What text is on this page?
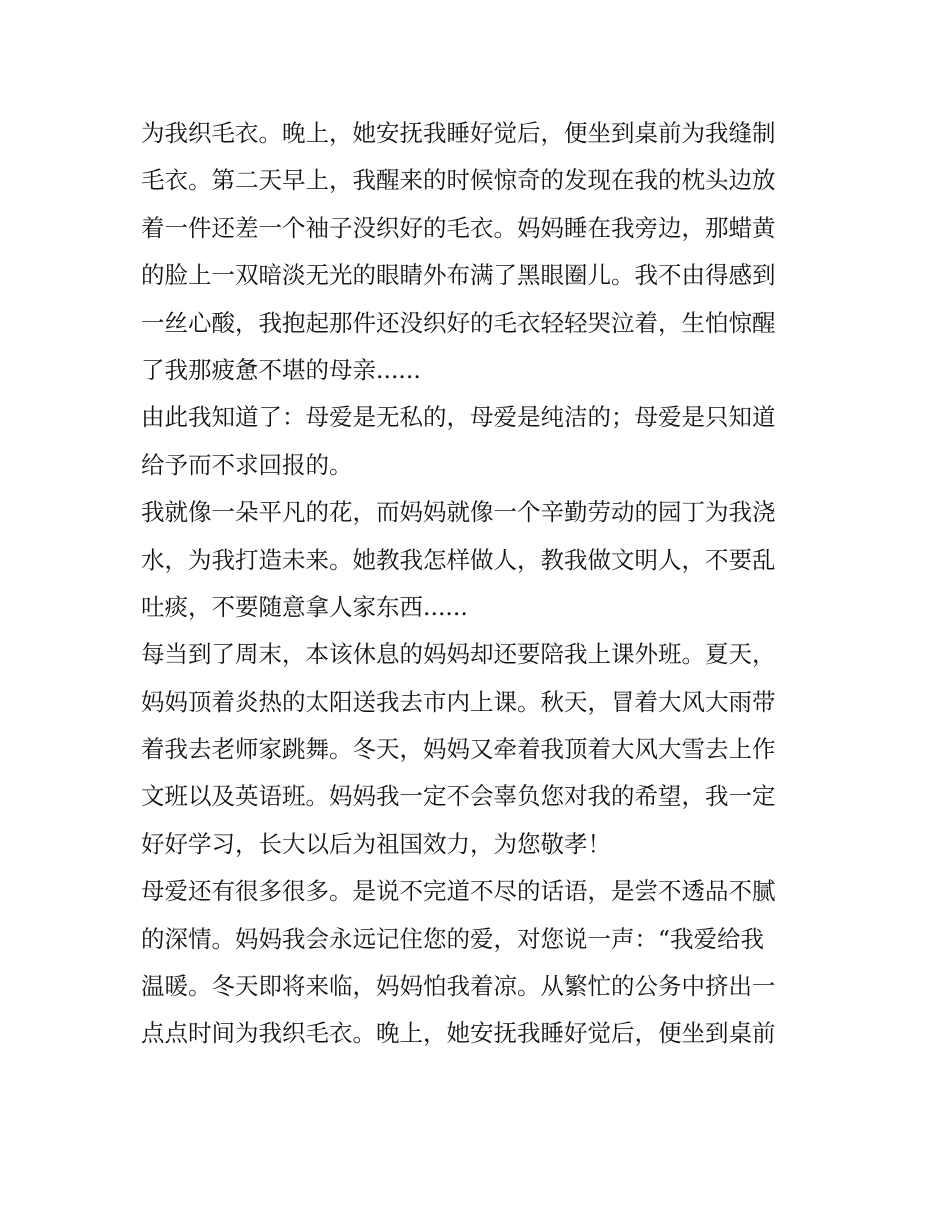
为我织毛衣。晚上，她安抚我睡好觉后，便坐到桌前为我缝制
毛衣。第二天早上，我醒来的时候惊奇的发现在我的枕头边放
着一件还差一个袖子没织好的毛衣。妈妈睡在我旁边，那蜡黄
的脸上一双暗淡无光的眼睛外布满了黑眼圈儿。我不由得感到
一丝心酸，我抱起那件还没织好的毛衣轻轻哭泣着，生怕惊醒
了我那疲惫不堪的母亲......
由此我知道了：母爱是无私的，母爱是纯洁的；母爱是只知道
给予而不求回报的。
我就像一朵平凡的花，而妈妈就像一个辛勤劳动的园丁为我浇
水，为我打造未来。她教我怎样做人，教我做文明人，不要乱
吐痰，不要随意拿人家东西......
每当到了周末，本该休息的妈妈却还要陪我上课外班。夏天，
妈妈顶着炎热的太阳送我去市内上课。秋天，冒着大风大雨带
着我去老师家跳舞。冬天，妈妈又牵着我顶着大风大雪去上作
文班以及英语班。妈妈我一定不会辜负您对我的希望，我一定
好好学习，长大以后为祖国效力，为您敬孝！
母爱还有很多很多。是说不完道不尽的话语，是尝不透品不腻
的深情。妈妈我会永远记住您的爱，对您说一声：“我爱给我
温暖。冬天即将来临，妈妈怕我着凉。从繁忙的公务中挤出一
点点时间为我织毛衣。晚上，她安抚我睡好觉后，便坐到桌前
